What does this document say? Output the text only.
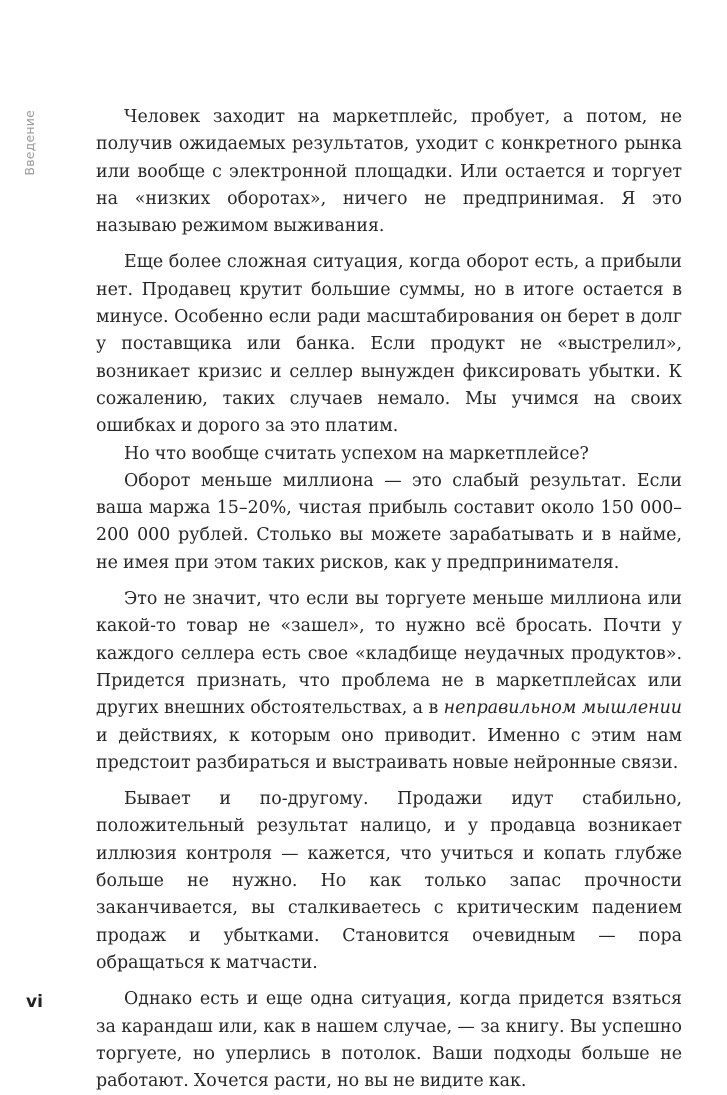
Введение	Человек заходит на маркетплейс, пробует, а потом, не получив ожидаемых результатов, уходит с конкретного рынка или вообще с электронной площадки. Или остается и торгует на «низких оборотах», ничего не предпринимая. Я это называю режимом выживания.

Еще более сложная ситуация, когда оборот есть, а прибыли нет. Продавец крутит большие суммы, но в итоге остается в минусе. Особенно если ради масштабирования он берет в долг у поставщика или банка. Если продукт не «выстрелил», возникает кризис и селлер вынужден фиксировать убытки. К сожалению, таких случаев немало. Мы учимся на своих ошибках и дорого за это платим.

Но что вообще считать успехом на маркетплейсе?

Оборот меньше миллиона — это слабый результат. Если ваша маржа 15–20%, чистая прибыль составит около 150 000–200 000 рублей. Столько вы можете зарабатывать и в найме, не имея при этом таких рисков, как у предпринимателя.

Это не значит, что если вы торгуете меньше миллиона или какой-то товар не «зашел», то нужно всё бросать. Почти у каждого селлера есть свое «кладбище неудачных продуктов». Придется признать, что проблема не в маркетплейсах или других внешних обстоятельствах, а в неправильном мышлении и действиях, к которым оно приводит. Именно с этим нам предстоит разбираться и выстраивать новые нейронные связи.

Бывает и по-другому. Продажи идут стабильно, положительный результат налицо, и у продавца возникает иллюзия контроля — кажется, что учиться и копать глубже больше не нужно. Но как только запас прочности заканчивается, вы сталкиваетесь с критическим падением продаж и убытками. Становится очевидным — пора обращаться к матчасти.

Однако есть и еще одна ситуация, когда придется взяться за карандаш или, как в нашем случае, — за книгу. Вы успешно торгуете, но уперлись в потолок. Ваши подходы больше не работают. Хочется расти, но вы не видите как.

vi
